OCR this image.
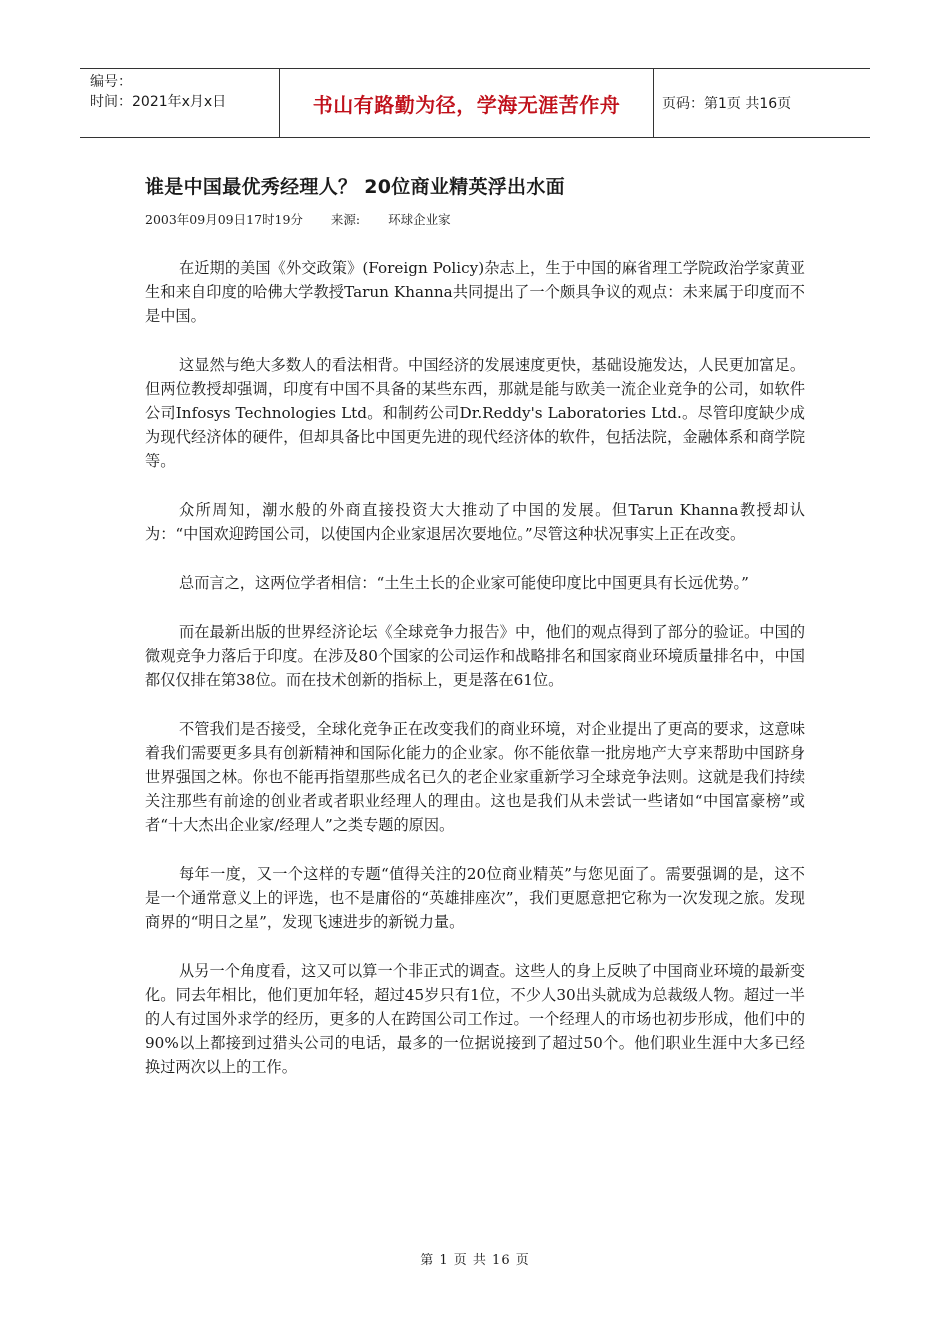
编号：
时间：2021年x月x日	书山有路勤为径，学海无涯苦作舟	页码：第1页 共16页
谁是中国最优秀经理人？ 20位商业精英浮出水面
2003年09月09日17时19分 来源: 环球企业家

在近期的美国《外交政策》(Foreign Policy)杂志上，生于中国的麻省理工学院政治学家黄亚生和来自印度的哈佛大学教授Tarun Khanna共同提出了一个颇具争议的观点：未来属于印度而不是中国。

这显然与绝大多数人的看法相背。中国经济的发展速度更快，基础设施发达，人民更加富足。但两位教授却强调，印度有中国不具备的某些东西，那就是能与欧美一流企业竞争的公司，如软件公司Infosys Technologies Ltd。和制药公司Dr.Reddy's Laboratories Ltd.。尽管印度缺少成为现代经济体的硬件，但却具备比中国更先进的现代经济体的软件，包括法院，金融体系和商学院等。

众所周知，潮水般的外商直接投资大大推动了中国的发展。但Tarun Khanna教授却认为：“中国欢迎跨国公司，以使国内企业家退居次要地位。”尽管这种状况事实上正在改变。

总而言之，这两位学者相信：“土生土长的企业家可能使印度比中国更具有长远优势。”

而在最新出版的世界经济论坛《全球竞争力报告》中，他们的观点得到了部分的验证。中国的微观竞争力落后于印度。在涉及80个国家的公司运作和战略排名和国家商业环境质量排名中，中国都仅仅排在第38位。而在技术创新的指标上，更是落在61位。

不管我们是否接受，全球化竞争正在改变我们的商业环境，对企业提出了更高的要求，这意味着我们需要更多具有创新精神和国际化能力的企业家。你不能依靠一批房地产大亨来帮助中国跻身世界强国之林。你也不能再指望那些成名已久的老企业家重新学习全球竞争法则。这就是我们持续关注那些有前途的创业者或者职业经理人的理由。这也是我们从未尝试一些诸如“中国富豪榜”或者“十大杰出企业家/经理人”之类专题的原因。

每年一度，又一个这样的专题“值得关注的20位商业精英”与您见面了。需要强调的是，这不是一个通常意义上的评选，也不是庸俗的“英雄排座次”，我们更愿意把它称为一次发现之旅。发现商界的“明日之星”，发现飞速进步的新锐力量。

从另一个角度看，这又可以算一个非正式的调查。这些人的身上反映了中国商业环境的最新变化。同去年相比，他们更加年轻，超过45岁只有1位，不少人30出头就成为总裁级人物。超过一半的人有过国外求学的经历，更多的人在跨国公司工作过。一个经理人的市场也初步形成，他们中的90%以上都接到过猎头公司的电话，最多的一位据说接到了超过50个。他们职业生涯中大多已经换过两次以上的工作。

第 1 页 共 16 页
